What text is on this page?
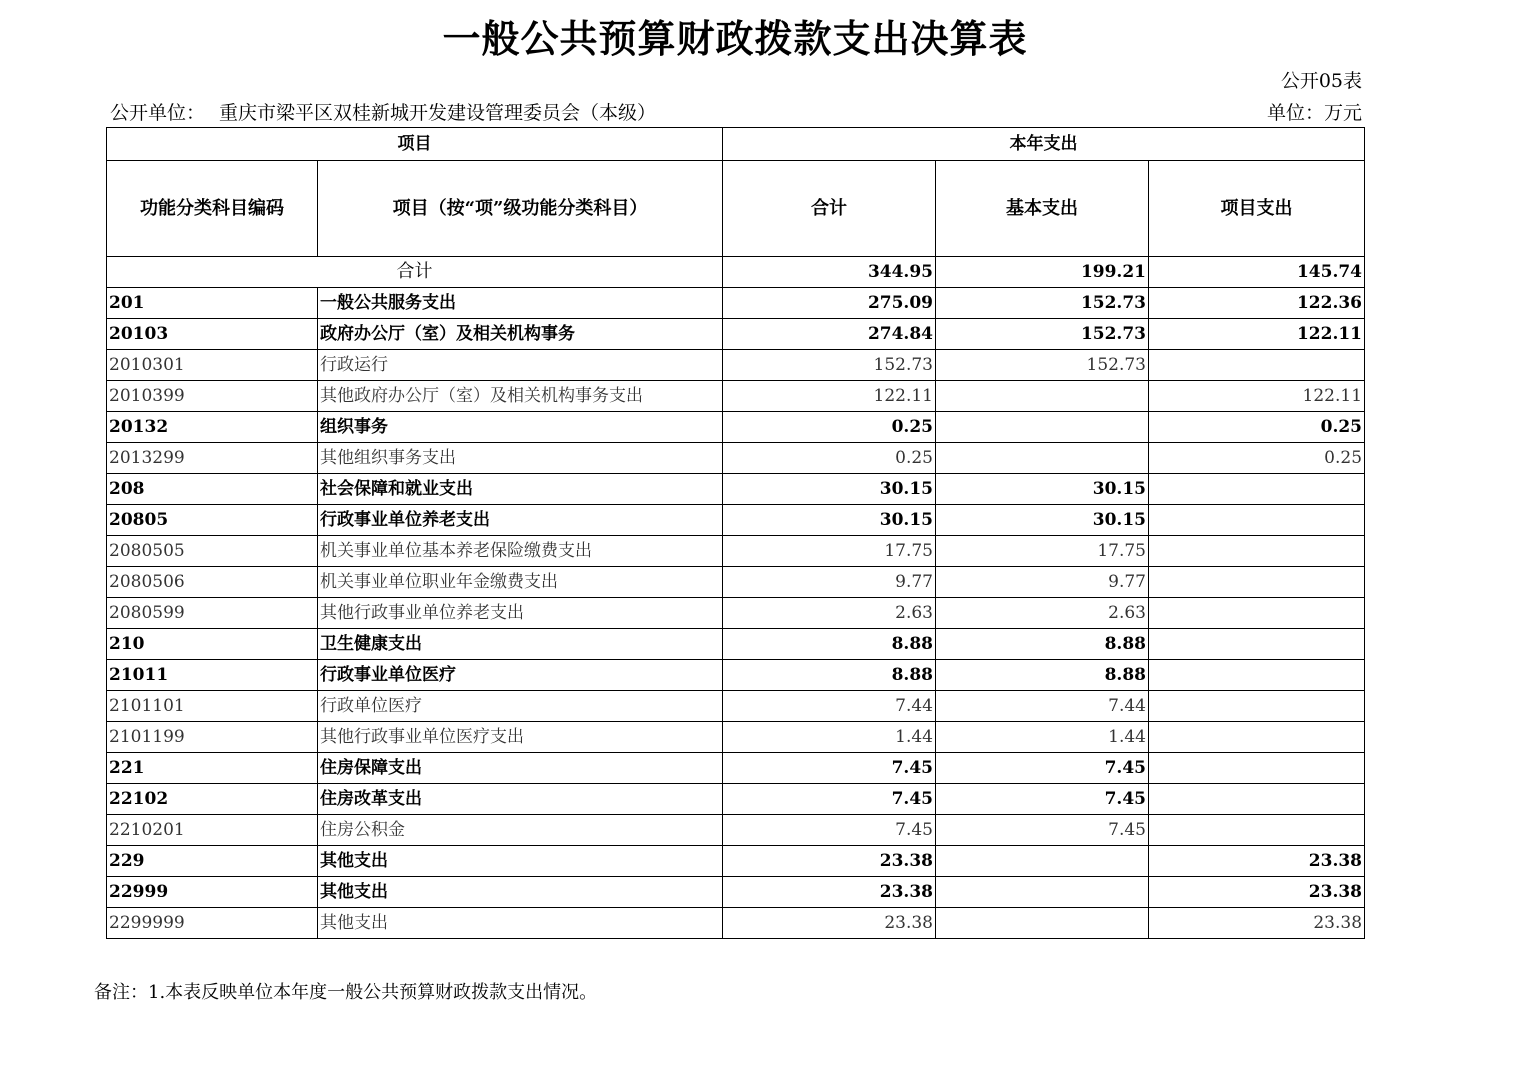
一般公共预算财政拨款支出决算表
公开05表
公开单位： 重庆市梁平区双桂新城开发建设管理委员会（本级）	单位：万元
项目		本年支出		
功能分类科目编码	项目（按“项”级功能分类科目）	合计	基本支出	项目支出
合计		344.95	199.21	145.74
201	一般公共服务支出	275.09	152.73	122.36
20103	政府办公厅（室）及相关机构事务	274.84	152.73	122.11
2010301	行政运行	152.73	152.73	
2010399	其他政府办公厅（室）及相关机构事务支出	122.11		122.11
20132	组织事务	0.25		0.25
2013299	其他组织事务支出	0.25		0.25
208	社会保障和就业支出	30.15	30.15	
20805	行政事业单位养老支出	30.15	30.15	
2080505	机关事业单位基本养老保险缴费支出	17.75	17.75	
2080506	机关事业单位职业年金缴费支出	9.77	9.77	
2080599	其他行政事业单位养老支出	2.63	2.63	
210	卫生健康支出	8.88	8.88	
21011	行政事业单位医疗	8.88	8.88	
2101101	行政单位医疗	7.44	7.44	
2101199	其他行政事业单位医疗支出	1.44	1.44	
221	住房保障支出	7.45	7.45	
22102	住房改革支出	7.45	7.45	
2210201	住房公积金	7.45	7.45	
229	其他支出	23.38		23.38
22999	其他支出	23.38		23.38
2299999	其他支出	23.38		23.38
备注：1.本表反映单位本年度一般公共预算财政拨款支出情况。
